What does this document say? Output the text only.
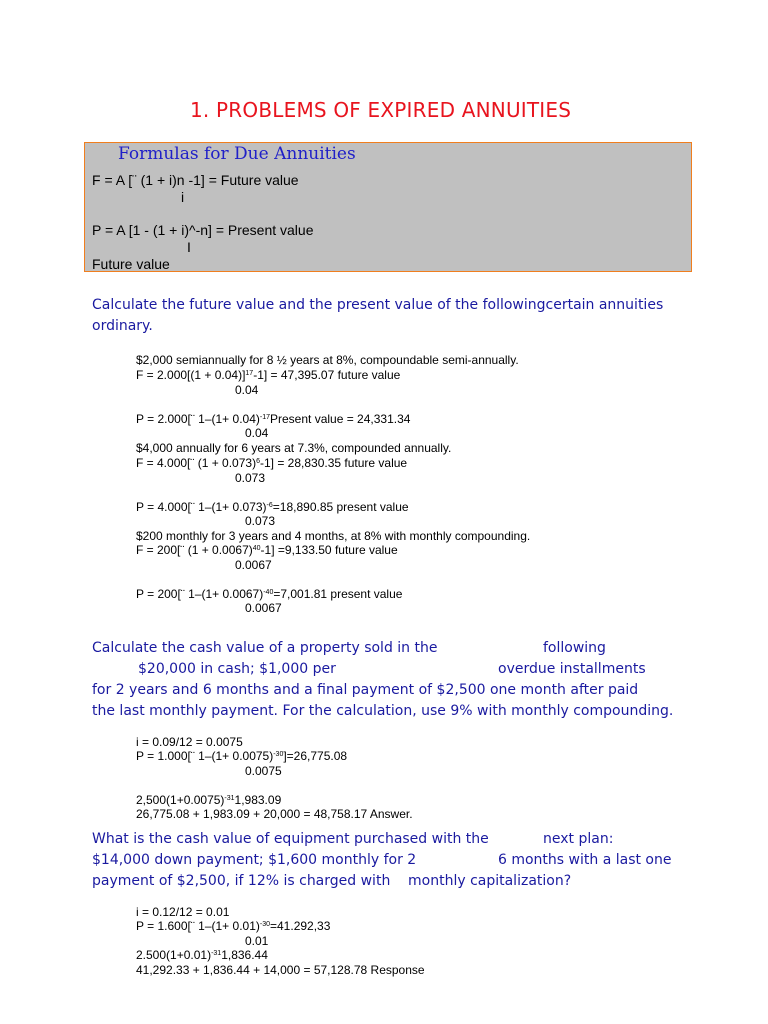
1. PROBLEMS OF EXPIRED ANNUITIES
Formulas for Due Annuities
F = A [¨ (1 + i)n -1] = Future value
i
P = A [1 - (1 + i)^-n] = Present value
I
Future value
Calculate the future value and the present value of the followingcertain annuities
ordinary.
$2,000 semiannually for 8 ½ years at 8%, compoundable semi-annually.
$F = 2.000[(1 + 0.04)]^{17}-1] = 47,395.07$ future value
0.04
P = 2.000[¨ $1-(1+ 0.04)^{-17}Present$ value = 24,331.34
0.04
$4,000 annually for 6 years at 7.3%, compounded annually.
F = 4.000[¨ $(1 + 0.073)^6-1] = 28,830.35$ future value
0.073
P = 4.000[¨ $1-(1+ 0.073)^{-6}=18,890.85$ present value
0.073
$200 monthly for 3 years and 4 months, at 8% with monthly compounding.
F = 200[¨ $(1 + 0.0067)^{40}-1] =9,133.50$ future value
0.0067
P = 200[¨ $1-(1+ 0.0067)^{-40}=7,001.81$ present value
0.0067
Calculate the cash value of a property sold in the	following
$20,000 in cash; $1,000 per	overdue installments
for 2 years and 6 months and a final payment of $2,500 one month after paid
the last monthly payment. For the calculation, use 9% with monthly compounding.
i = 0.09/12 = 0.0075
P = 1.000[¨ $1-(1+ 0.0075)^{-30}]=26,775.08$
0.0075
$2,500(1+0.0075)^{-31}1,983.09$
26,775.08 + 1,983.09 + 20,000 = 48,758.17 Answer.
What is the cash value of equipment purchased with the	next plan:
$14,000 down payment; $1,600 monthly for 2	6 months with a last one
payment of $2,500, if 12% is charged with monthly capitalization?
i = 0.12/12 = 0.01
P = 1.600[¨ $1-(1+ 0.01)^{-30}=41.292,33$
0.01
$2.500(1+0.01)^{-31}1,836.44$
41,292.33 + 1,836.44 + 14,000 = 57,128.78 Response
